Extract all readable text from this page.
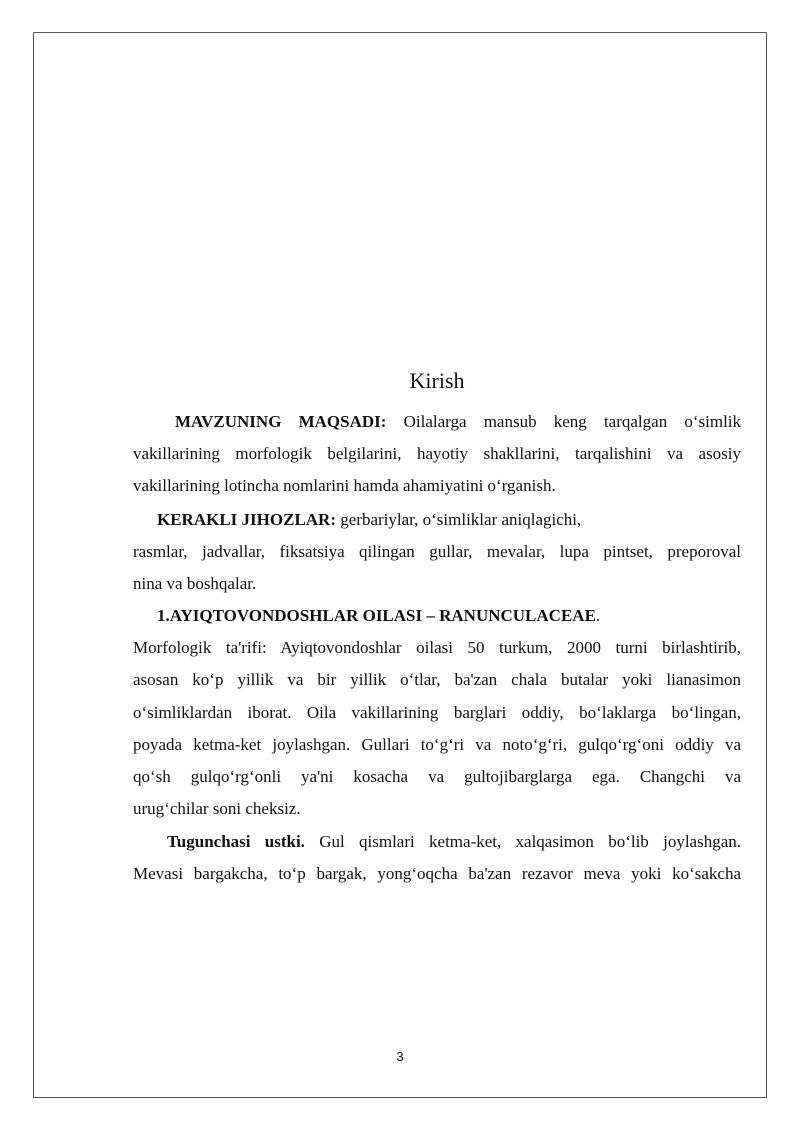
Kirish
MAVZUNING MAQSADI: Oilalarga mansub keng tarqalgan o‘simlik
vakillarining morfologik belgilarini, hayotiy shakllarini, tarqalishini va asosiy
vakillarining lotincha nomlarini hamda ahamiyatini o‘rganish.
KERAKLI JIHOZLAR: gerbariylar, o‘simliklar aniqlagichi,
rasmlar, jadvallar, fiksatsiya qilingan gullar, mevalar, lupa pintset, preporoval
nina va boshqalar.
1.AYIQTOVONDOSHLAR OILASI – RANUNCULACEAE.
Morfologik ta'rifi: Ayiqtovondoshlar oilasi 50 turkum, 2000 turni birlashtirib,
asosan ko‘p yillik va bir yillik o‘tlar, ba'zan chala butalar yoki lianasimon
o‘simliklardan iborat. Oila vakillarining barglari oddiy, bo‘laklarga bo‘lingan,
poyada ketma-ket joylashgan. Gullari to‘g‘ri va noto‘g‘ri, gulqo‘rg‘oni oddiy va
qo‘sh gulqo‘rg‘onli ya'ni kosacha va gultojibarglarga ega. Changchi va
urug‘chilar soni cheksiz.
Tugunchasi ustki. Gul qismlari ketma-ket, xalqasimon bo‘lib joylashgan.
Mevasi bargakcha, to‘p bargak, yong‘oqcha ba'zan rezavor meva yoki ko‘sakcha
3
